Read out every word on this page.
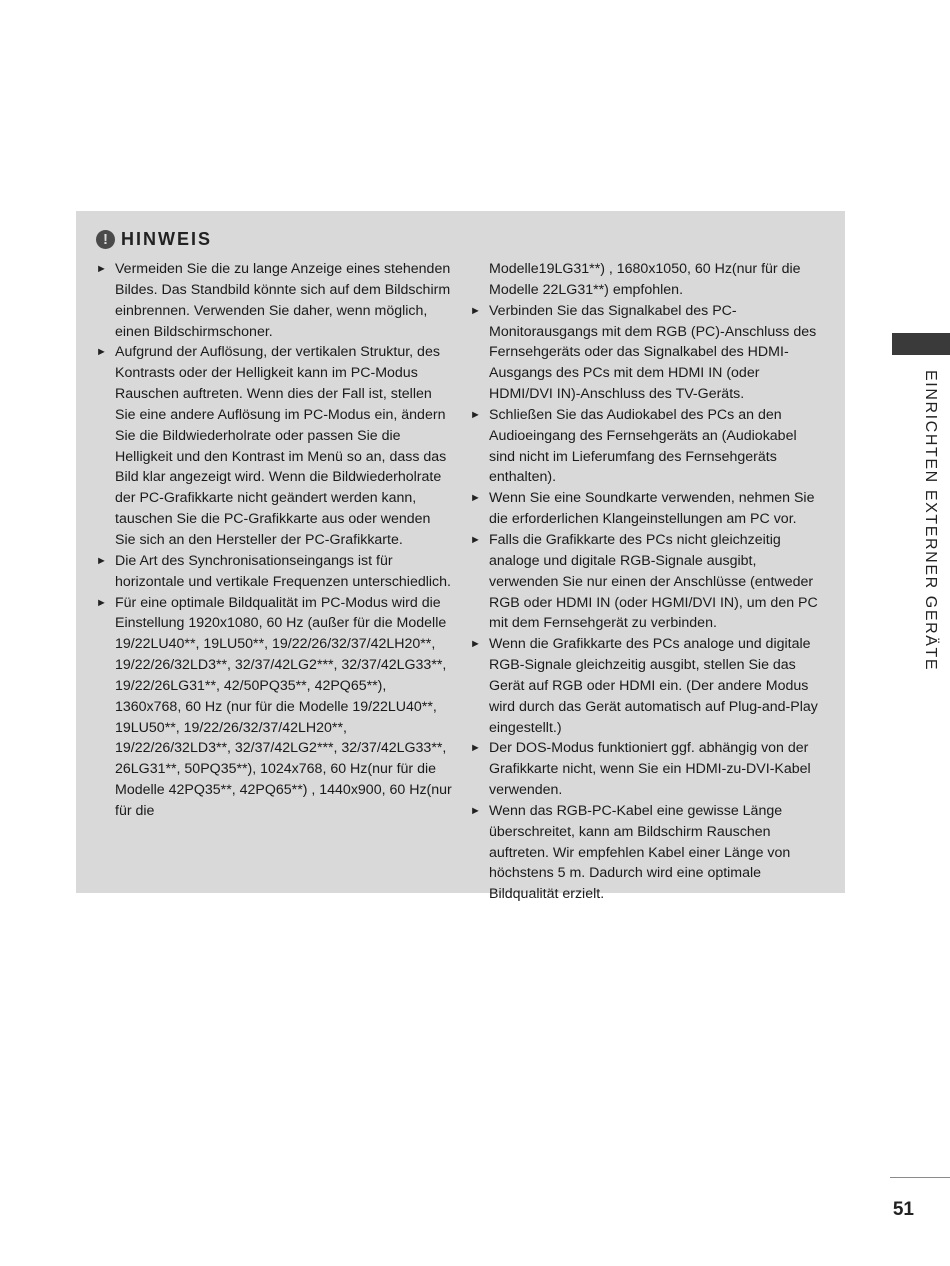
! HINWEIS
► Vermeiden Sie die zu lange Anzeige eines stehenden Bildes. Das Standbild könnte sich auf dem Bildschirm einbrennen. Verwenden Sie daher, wenn möglich, einen Bildschirmschoner.
► Aufgrund der Auflösung, der vertikalen Struktur, des Kontrasts oder der Helligkeit kann im PC-Modus Rauschen auftreten. Wenn dies der Fall ist, stellen Sie eine andere Auflösung im PC-Modus ein, ändern Sie die Bildwiederholrate oder passen Sie die Helligkeit und den Kontrast im Menü so an, dass das Bild klar angezeigt wird. Wenn die Bildwiederholrate der PC-Grafikkarte nicht geändert werden kann, tauschen Sie die PC-Grafikkarte aus oder wenden Sie sich an den Hersteller der PC-Grafikkarte.
► Die Art des Synchronisationseingangs ist für horizontale und vertikale Frequenzen unterschiedlich.
► Für eine optimale Bildqualität im PC-Modus wird die Einstellung 1920x1080, 60 Hz (außer für die Modelle 19/22LU40**, 19LU50**, 19/22/26/32/37/42LH20**, 19/22/26/32LD3**, 32/37/42LG2***, 32/37/42LG33**, 19/22/26LG31**, 42/50PQ35**, 42PQ65**), 1360x768, 60 Hz (nur für die Modelle 19/22LU40**, 19LU50**, 19/22/26/32/37/42LH20**, 19/22/26/32LD3**, 32/37/42LG2***, 32/37/42LG33**, 26LG31**, 50PQ35**), 1024x768, 60 Hz(nur für die Modelle 42PQ35**, 42PQ65**) , 1440x900, 60 Hz(nur für die
Modelle19LG31**) , 1680x1050, 60 Hz(nur für die Modelle 22LG31**) empfohlen.
► Verbinden Sie das Signalkabel des PC-Monitorausgangs mit dem RGB (PC)-Anschluss des Fernsehgeräts oder das Signalkabel des HDMI-Ausgangs des PCs mit dem HDMI IN (oder HDMI/DVI IN)-Anschluss des TV-Geräts.
► Schließen Sie das Audiokabel des PCs an den Audioeingang des Fernsehgeräts an (Audiokabel sind nicht im Lieferumfang des Fernsehgeräts enthalten).
► Wenn Sie eine Soundkarte verwenden, nehmen Sie die erforderlichen Klangeinstellungen am PC vor.
► Falls die Grafikkarte des PCs nicht gleichzeitig analoge und digitale RGB-Signale ausgibt, verwenden Sie nur einen der Anschlüsse (entweder RGB oder HDMI IN (oder HGMI/DVI IN), um den PC mit dem Fernsehgerät zu verbinden.
► Wenn die Grafikkarte des PCs analoge und digitale RGB-Signale gleichzeitig ausgibt, stellen Sie das Gerät auf RGB oder HDMI ein. (Der andere Modus wird durch das Gerät automatisch auf Plug-and-Play eingestellt.)
► Der DOS-Modus funktioniert ggf. abhängig von der Grafikkarte nicht, wenn Sie ein HDMI-zu-DVI-Kabel verwenden.
► Wenn das RGB-PC-Kabel eine gewisse Länge überschreitet, kann am Bildschirm Rauschen auftreten. Wir empfehlen Kabel einer Länge von höchstens 5 m. Dadurch wird eine optimale Bildqualität erzielt.
EINRICHTEN EXTERNER GERÄTE
51
